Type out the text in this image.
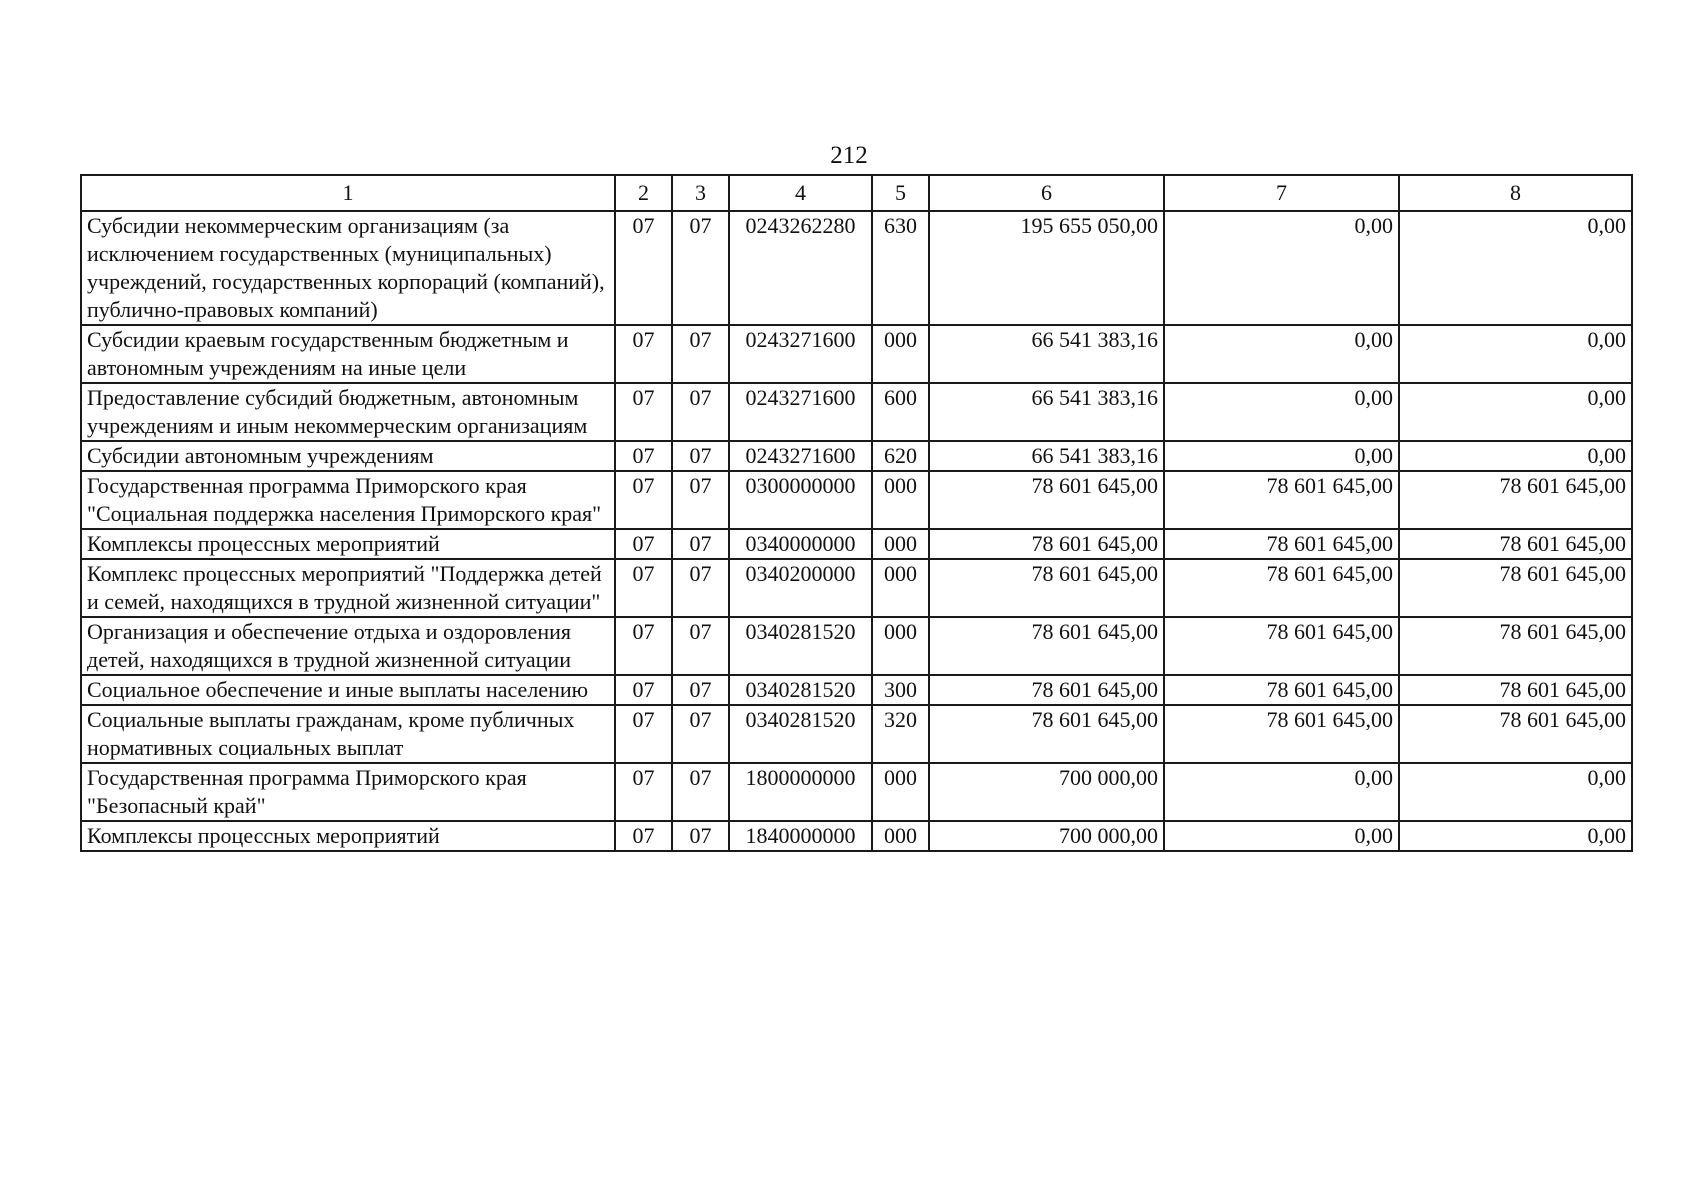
212
1	2	3	4	5	6	7	8
Субсидии некоммерческим организациям (за исключением государственных (муниципальных) учреждений, государственных корпораций (компаний), публично-правовых компаний)	07	07	0243262280	630	195 655 050,00	0,00	0,00
Субсидии краевым государственным бюджетным и автономным учреждениям на иные цели	07	07	0243271600	000	66 541 383,16	0,00	0,00
Предоставление субсидий бюджетным, автономным учреждениям и иным некоммерческим организациям	07	07	0243271600	600	66 541 383,16	0,00	0,00
Субсидии автономным учреждениям	07	07	0243271600	620	66 541 383,16	0,00	0,00
Государственная программа Приморского края "Социальная поддержка населения Приморского края"	07	07	0300000000	000	78 601 645,00	78 601 645,00	78 601 645,00
Комплексы процессных мероприятий	07	07	0340000000	000	78 601 645,00	78 601 645,00	78 601 645,00
Комплекс процессных мероприятий "Поддержка детей и семей, находящихся в трудной жизненной ситуации"	07	07	0340200000	000	78 601 645,00	78 601 645,00	78 601 645,00
Организация и обеспечение отдыха и оздоровления детей, находящихся в трудной жизненной ситуации	07	07	0340281520	000	78 601 645,00	78 601 645,00	78 601 645,00
Социальное обеспечение и иные выплаты населению	07	07	0340281520	300	78 601 645,00	78 601 645,00	78 601 645,00
Социальные выплаты гражданам, кроме публичных нормативных социальных выплат	07	07	0340281520	320	78 601 645,00	78 601 645,00	78 601 645,00
Государственная программа Приморского края "Безопасный край"	07	07	1800000000	000	700 000,00	0,00	0,00
Комплексы процессных мероприятий	07	07	1840000000	000	700 000,00	0,00	0,00
